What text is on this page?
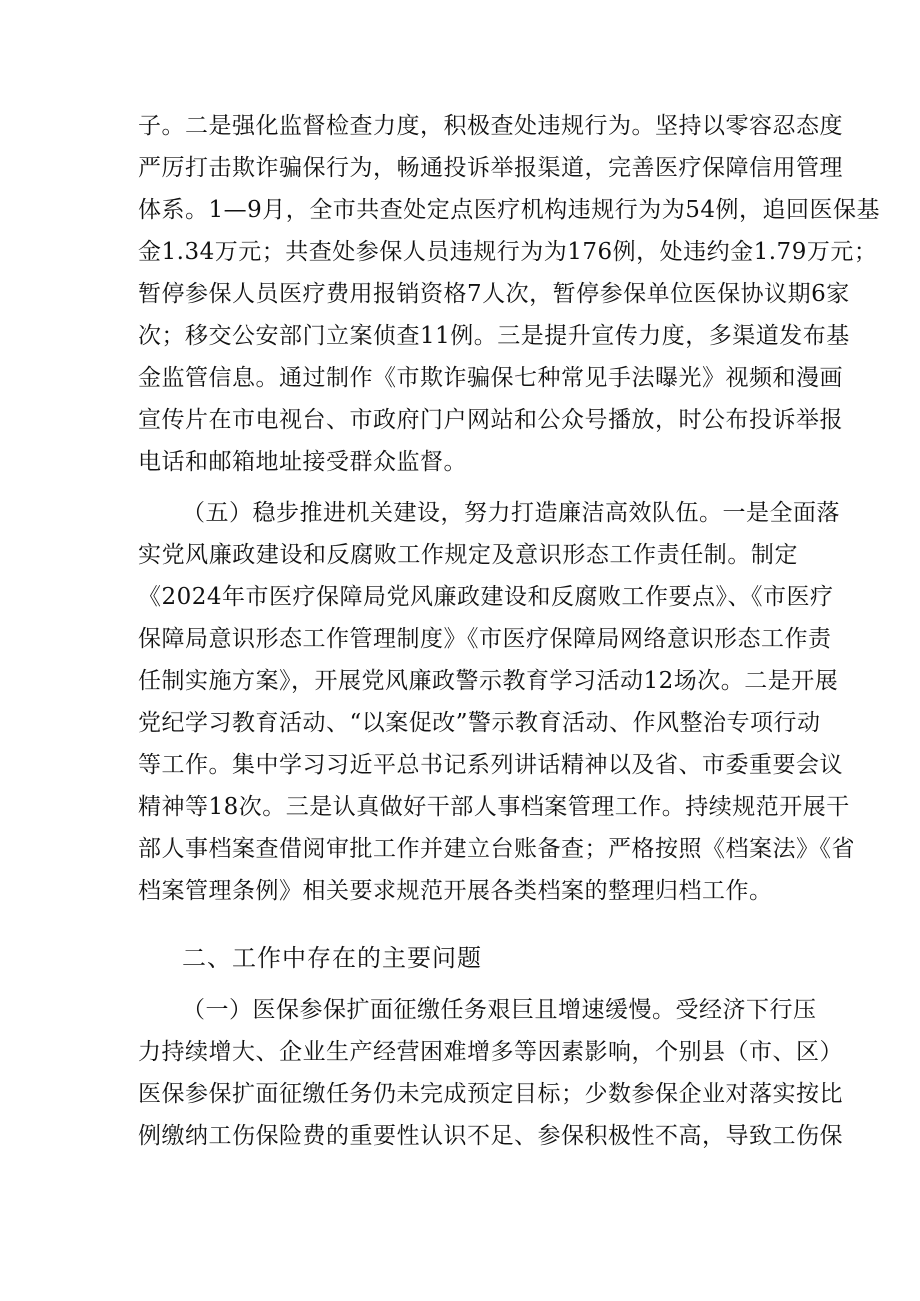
子。二是强化监督检查力度，积极查处违规行为。坚持以零容忍态度
严厉打击欺诈骗保行为，畅通投诉举报渠道，完善医疗保障信用管理
体系。1—9月，全市共查处定点医疗机构违规行为为54例，追回医保基
金1.34万元；共查处参保人员违规行为为176例，处违约金1.79万元；
暂停参保人员医疗费用报销资格7人次，暂停参保单位医保协议期6家
次；移交公安部门立案侦查11例。三是提升宣传力度，多渠道发布基
金监管信息。通过制作《市欺诈骗保七种常见手法曝光》视频和漫画
宣传片在市电视台、市政府门户网站和公众号播放，时公布投诉举报
电话和邮箱地址接受群众监督。
（五）稳步推进机关建设，努力打造廉洁高效队伍。一是全面落
实党风廉政建设和反腐败工作规定及意识形态工作责任制。制定
《2024年市医疗保障局党风廉政建设和反腐败工作要点》、《市医疗
保障局意识形态工作管理制度》《市医疗保障局网络意识形态工作责
任制实施方案》，开展党风廉政警示教育学习活动12场次。二是开展
党纪学习教育活动、“以案促改”警示教育活动、作风整治专项行动
等工作。集中学习习近平总书记系列讲话精神以及省、市委重要会议
精神等18次。三是认真做好干部人事档案管理工作。持续规范开展干
部人事档案查借阅审批工作并建立台账备查；严格按照《档案法》《省
档案管理条例》相关要求规范开展各类档案的整理归档工作。
二、工作中存在的主要问题
（一）医保参保扩面征缴任务艰巨且增速缓慢。受经济下行压
力持续增大、企业生产经营困难增多等因素影响，个别县（市、区）
医保参保扩面征缴任务仍未完成预定目标；少数参保企业对落实按比
例缴纳工伤保险费的重要性认识不足、参保积极性不高，导致工伤保
